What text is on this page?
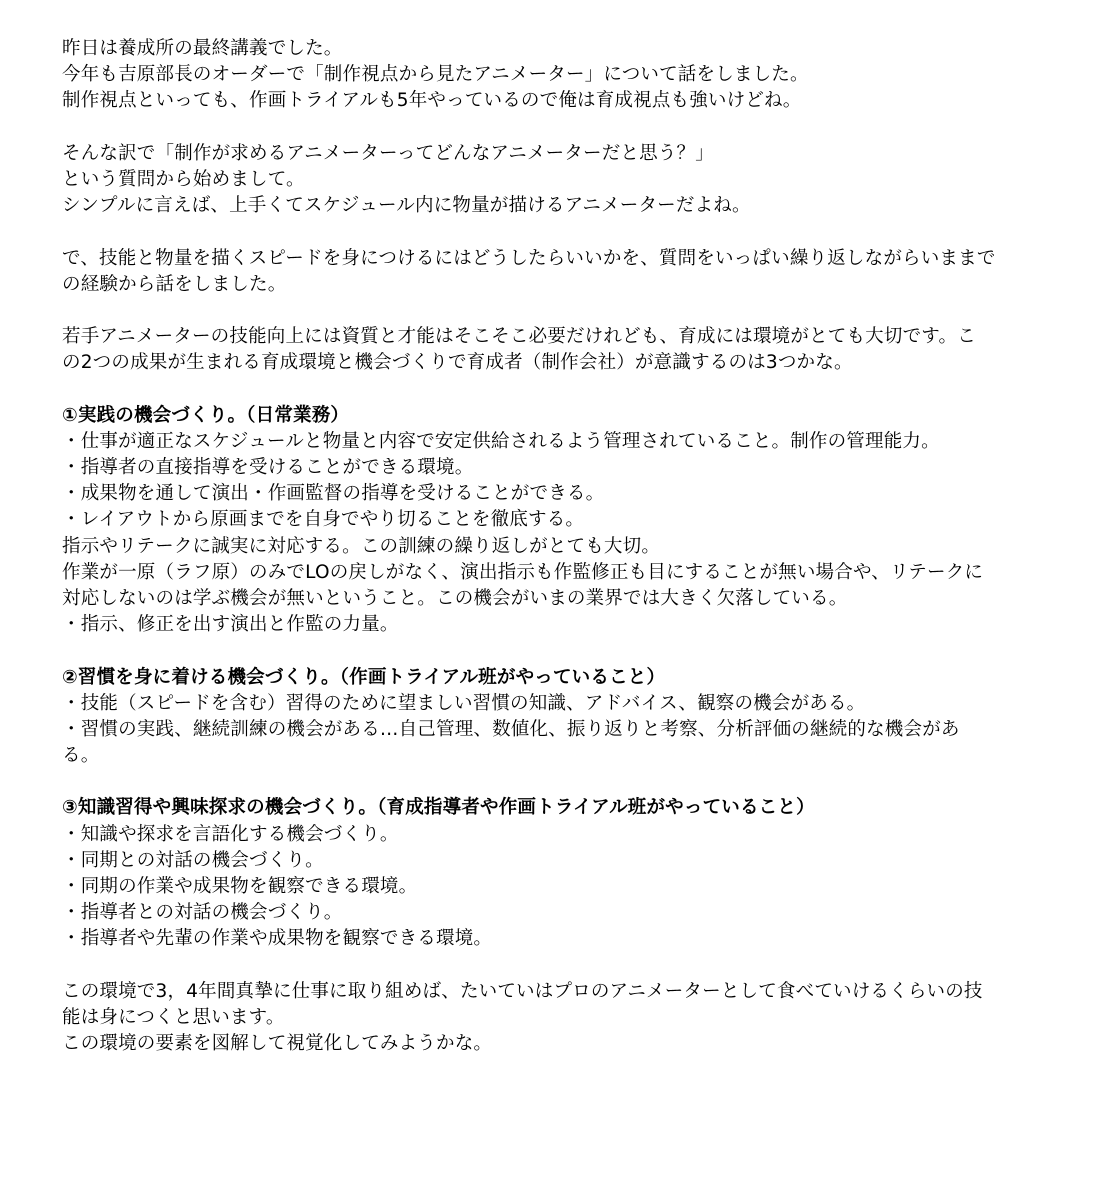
昨日は養成所の最終講義でした。
今年も吉原部長のオーダーで「制作視点から見たアニメーター」について話をしました。
制作視点といっても、作画トライアルも5年やっているので俺は育成視点も強いけどね。
そんな訳で「制作が求めるアニメーターってどんなアニメーターだと思う？」
という質問から始めまして。
シンプルに言えば、上手くてスケジュール内に物量が描けるアニメーターだよね。
で、技能と物量を描くスピードを身につけるにはどうしたらいいかを、質問をいっぱい繰り返しながらいままで
の経験から話をしました。
若手アニメーターの技能向上には資質と才能はそこそこ必要だけれども、育成には環境がとても大切です。こ
の2つの成果が生まれる育成環境と機会づくりで育成者（制作会社）が意識するのは3つかな。
①実践の機会づくり。（日常業務）
・仕事が適正なスケジュールと物量と内容で安定供給されるよう管理されていること。制作の管理能力。
・指導者の直接指導を受けることができる環境。
・成果物を通して演出・作画監督の指導を受けることができる。
・レイアウトから原画までを自身でやり切ることを徹底する。
指示やリテークに誠実に対応する。この訓練の繰り返しがとても大切。
作業が一原（ラフ原）のみでLOの戻しがなく、演出指示も作監修正も目にすることが無い場合や、リテークに
対応しないのは学ぶ機会が無いということ。この機会がいまの業界では大きく欠落している。
・指示、修正を出す演出と作監の力量。
②習慣を身に着ける機会づくり。（作画トライアル班がやっていること）
・技能（スピードを含む）習得のために望ましい習慣の知識、アドバイス、観察の機会がある。
・習慣の実践、継続訓練の機会がある…自己管理、数値化、振り返りと考察、分析評価の継続的な機会があ
る。
③知識習得や興味探求の機会づくり。（育成指導者や作画トライアル班がやっていること）
・知識や探求を言語化する機会づくり。
・同期との対話の機会づくり。
・同期の作業や成果物を観察できる環境。
・指導者との対話の機会づくり。
・指導者や先輩の作業や成果物を観察できる環境。
この環境で3，4年間真摯に仕事に取り組めば、たいていはプロのアニメーターとして食べていけるくらいの技
能は身につくと思います。
この環境の要素を図解して視覚化してみようかな。
